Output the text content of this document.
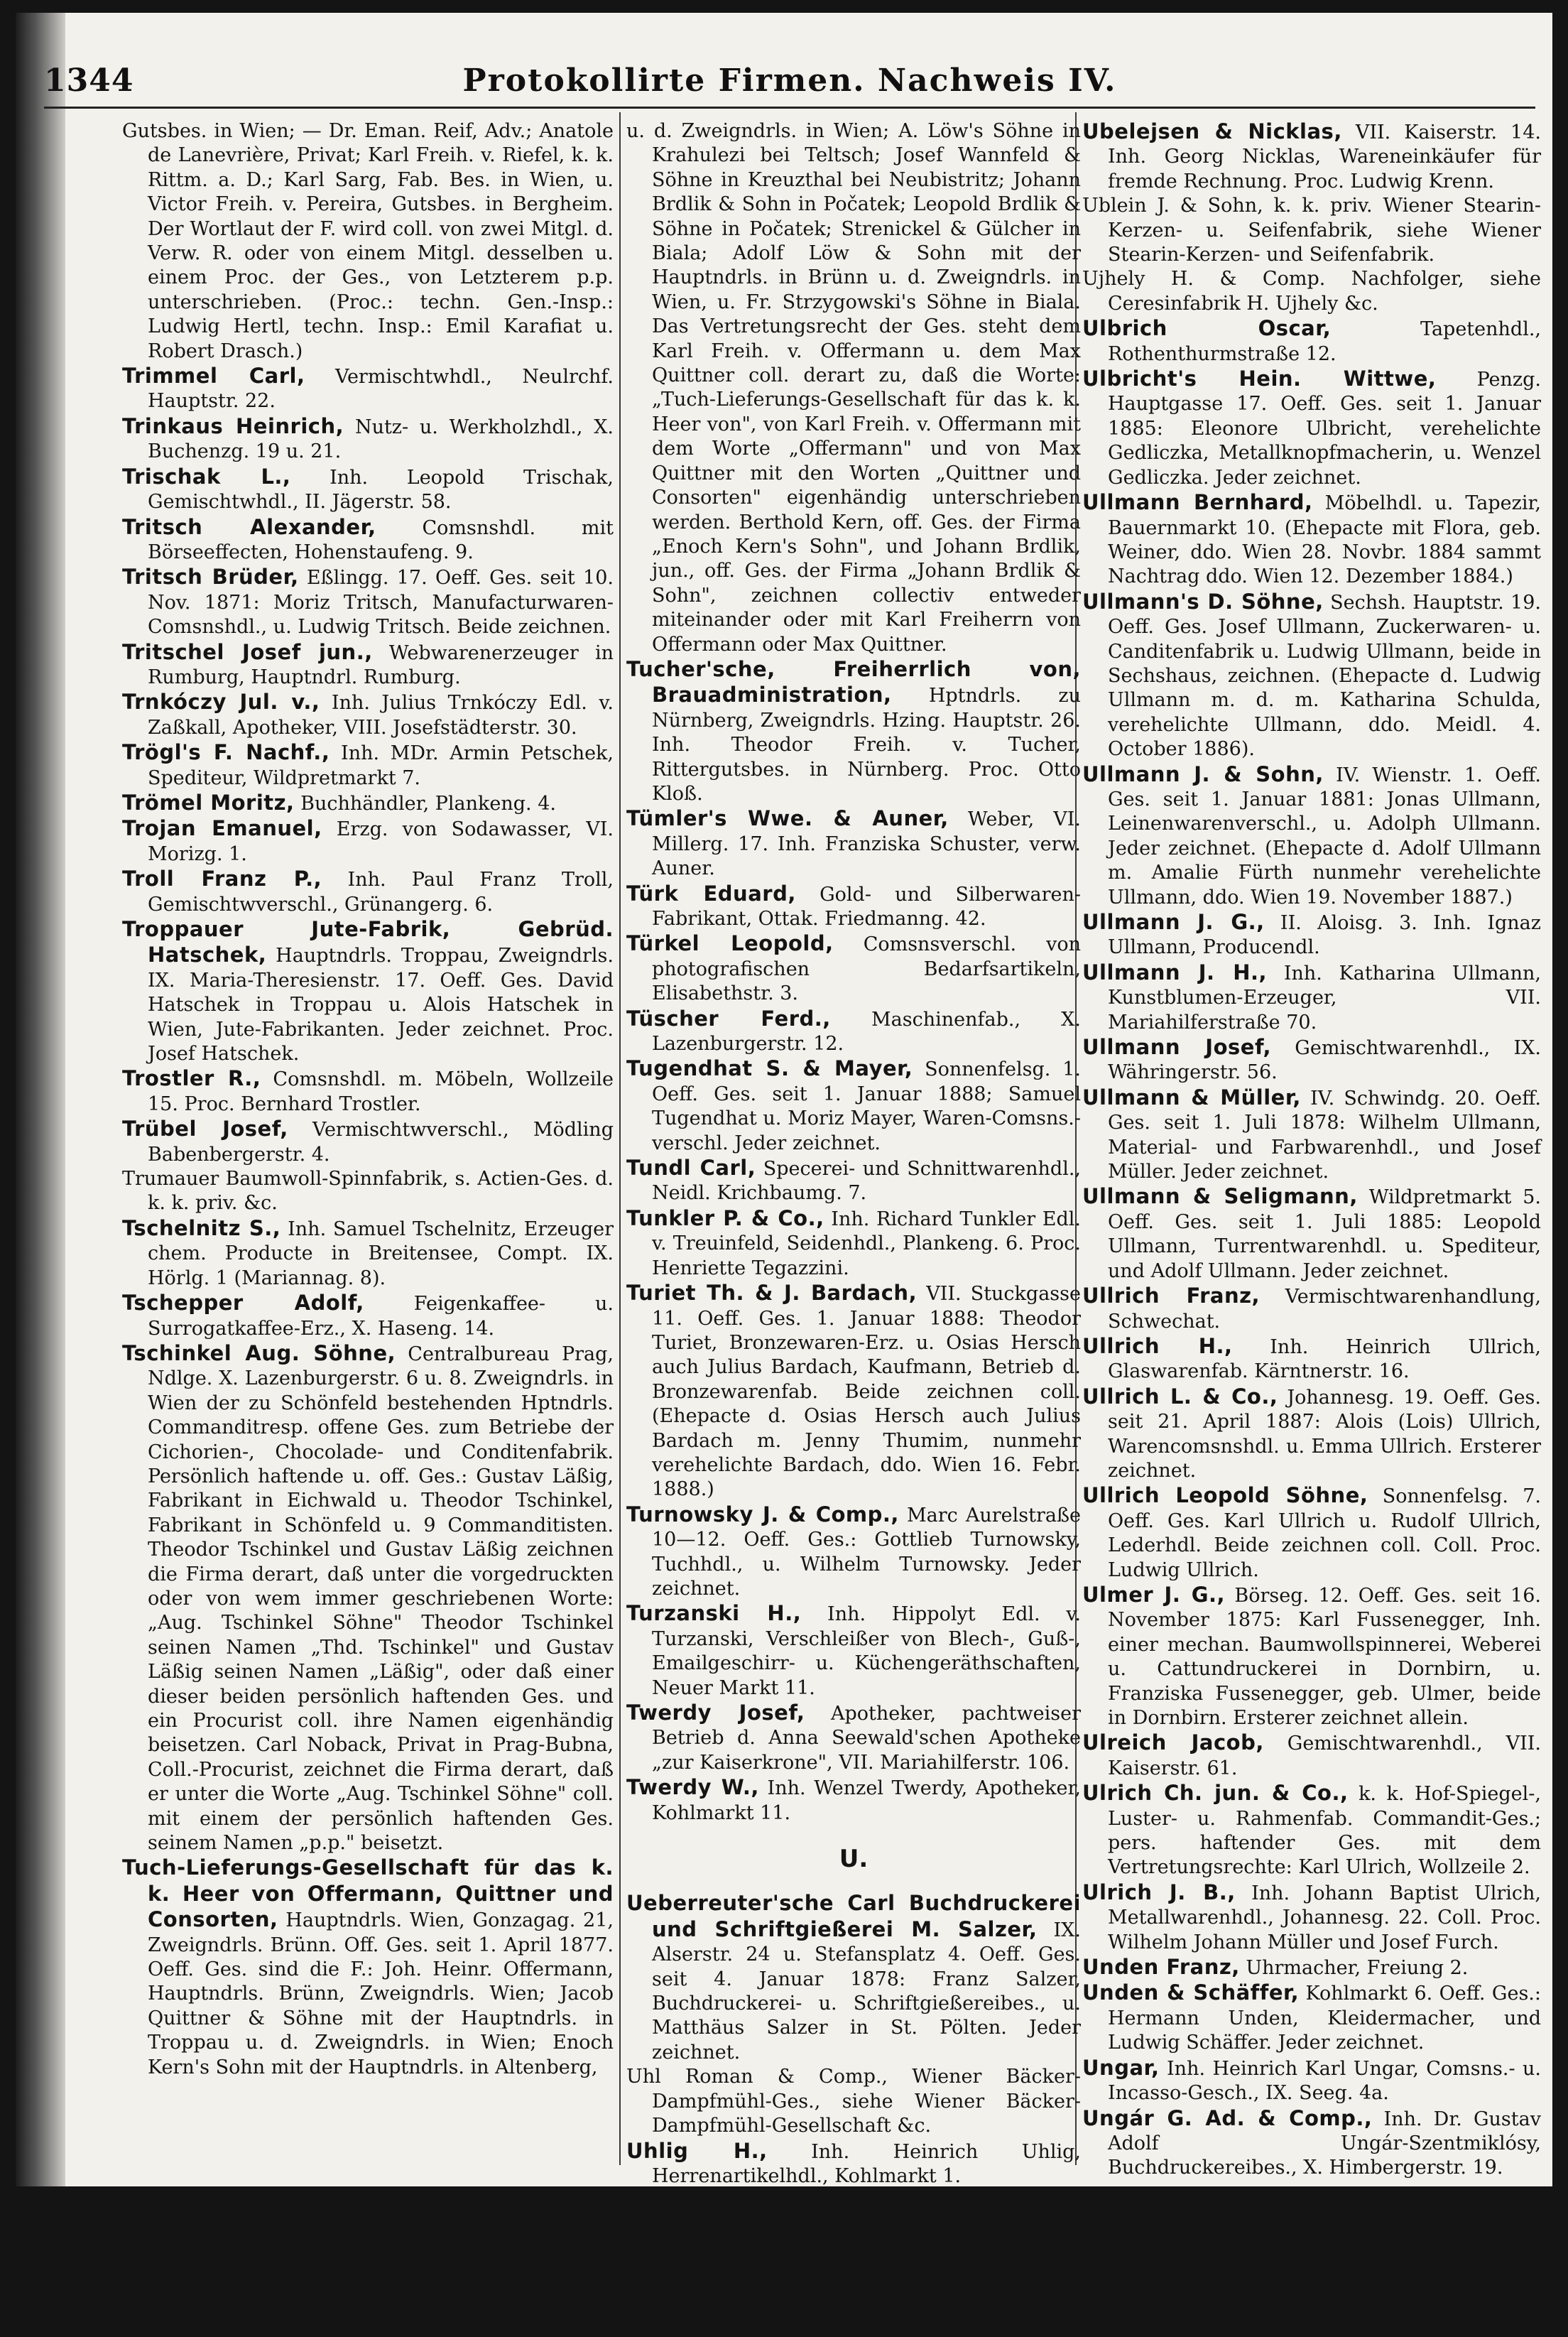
1344	Protokollirte Firmen. Nachweis IV.

Gutsbes. in Wien; — Dr. Eman. Reif, Adv.; Anatole de Lanevrière, Privat; Karl Freih. v. Riefel, k. k. Rittm. a. D.; Karl Sarg, Fab. Bes. in Wien, u. Victor Freih. v. Pereira, Gutsbes. in Bergheim. Der Wortlaut der F. wird coll. von zwei Mitgl. d. Verw. R. oder von einem Mitgl. desselben u. einem Proc. der Ges., von Letzterem p.p. unterschrieben. (Proc.: techn. Gen.-Insp.: Ludwig Hertl, techn. Insp.: Emil Karafiat u. Robert Drasch.)

Trimmel Carl, Vermischtwhdl., Neulrchf. Hauptstr. 22.

Trinkaus Heinrich, Nutz- u. Werkholzhdl., X. Buchenzg. 19 u. 21.

Trischak L., Inh. Leopold Trischak, Gemischtwhdl., II. Jägerstr. 58.

Tritsch Alexander, Comsnshdl. mit Börseeffecten, Hohenstaufeng. 9.

Tritsch Brüder, Eßlingg. 17. Oeff. Ges. seit 10. Nov. 1871: Moriz Tritsch, Manufacturwaren-Comsnshdl., u. Ludwig Tritsch. Beide zeichnen.

Tritschel Josef jun., Webwarenerzeuger in Rumburg, Hauptndrl. Rumburg.

Trnkóczy Jul. v., Inh. Julius Trnkóczy Edl. v. Zaßkall, Apotheker, VIII. Josefstädterstr. 30.

Trögl's F. Nachf., Inh. MDr. Armin Petschek, Spediteur, Wildpretmarkt 7.

Trömel Moritz, Buchhändler, Plankeng. 4.

Trojan Emanuel, Erzg. von Sodawasser, VI. Morizg. 1.

Troll Franz P., Inh. Paul Franz Troll, Gemischtwverschl., Grünangerg. 6.

Troppauer Jute-Fabrik, Gebrüd. Hatschek, Hauptndrls. Troppau, Zweigndrls. IX. Maria-Theresienstr. 17. Oeff. Ges. David Hatschek in Troppau u. Alois Hatschek in Wien, Jute-Fabrikanten. Jeder zeichnet. Proc. Josef Hatschek.

Trostler R., Comsnshdl. m. Möbeln, Wollzeile 15. Proc. Bernhard Trostler.

Trübel Josef, Vermischtwverschl., Mödling Babenbergerstr. 4.

Trumauer Baumwoll-Spinnfabrik, s. Actien-Ges. d. k. k. priv. &c.

Tschelnitz S., Inh. Samuel Tschelnitz, Erzeuger chem. Producte in Breitensee, Compt. IX. Hörlg. 1 (Mariannag. 8).

Tschepper Adolf,	Feigenkaffee- u. Surrogatkaffee-Erz., X. Haseng. 14.

Tschinkel Aug. Söhne, Centralbureau Prag, Ndlge. X. Lazenburgerstr. 6 u. 8. Zweigndrls. in Wien der zu Schönfeld bestehenden Hptndrls. Commanditresp. offene Ges. zum Betriebe der Cichorien-, Chocolade- und Conditenfabrik. Persönlich haftende u. off. Ges.: Gustav Läßig, Fabrikant in Eichwald u. Theodor Tschinkel, Fabrikant in Schönfeld u. 9 Commanditisten. Theodor Tschinkel und Gustav Läßig zeichnen die Firma derart, daß unter die vorgedruckten oder von wem immer geschriebenen Worte: „Aug. Tschinkel Söhne" Theodor Tschinkel seinen Namen „Thd. Tschinkel" und Gustav Läßig seinen Namen „Läßig", oder daß einer dieser beiden persönlich haftenden Ges. und ein Procurist coll. ihre Namen eigenhändig beisetzen. Carl Noback, Privat in Prag-Bubna, Coll.-Procurist, zeichnet die Firma derart, daß er unter die Worte „Aug. Tschinkel Söhne" coll. mit einem der persönlich haftenden Ges. seinem Namen „p.p." beisetzt.

Tuch-Lieferungs-Gesellschaft für das k. k. Heer von Offermann, Quittner und Consorten, Hauptndrls. Wien, Gonzagag. 21, Zweigndrls. Brünn. Off. Ges. seit 1. April 1877. Oeff. Ges. sind die F.: Joh. Heinr. Offermann, Hauptndrls. Brünn, Zweigndrls. Wien; Jacob Quittner & Söhne mit der Hauptndrls. in Troppau u. d. Zweigndrls. in Wien; Enoch Kern's Sohn mit der Hauptndrls. in Altenberg,

u. d. Zweigndrls. in Wien; A. Löw's Söhne in Krahulezi bei Teltsch; Josef Wannfeld & Söhne in Kreuzthal bei Neubistritz; Johann Brdlik & Sohn in Počatek; Leopold Brdlik & Söhne in Počatek; Strenickel & Gülcher in Biala; Adolf Löw & Sohn mit der Hauptndrls. in Brünn u. d. Zweigndrls. in Wien, u. Fr. Strzygowski's Söhne in Biala. Das Vertretungsrecht der Ges. steht dem Karl Freih. v. Offermann u. dem Max Quittner coll. derart zu, daß die Worte: „Tuch-Lieferungs-Gesellschaft für das k. k. Heer von", von Karl Freih. v. Offermann mit dem Worte „Offermann" und von Max Quittner mit den Worten „Quittner und Consorten" eigenhändig unterschrieben werden. Berthold Kern, off. Ges. der Firma „Enoch Kern's Sohn", und Johann Brdlik, jun., off. Ges. der Firma „Johann Brdlik & Sohn", zeichnen collectiv entweder miteinander oder mit Karl Freiherrn von Offermann oder Max Quittner.

Tucher'sche, Freiherrlich von, Brauadministration, Hptndrls. zu Nürnberg, Zweigndrls. Hzing. Hauptstr. 26. Inh. Theodor Freih. v. Tucher, Rittergutsbes. in Nürnberg. Proc. Otto Kloß.

Tümler's Wwe. & Auner, Weber, VI. Millerg. 17. Inh. Franziska Schuster, verw. Auner.

Türk Eduard, Gold- und Silberwaren-Fabrikant, Ottak. Friedmanng. 42.

Türkel Leopold, Comsnsverschl. von photografischen Bedarfsartikeln, Elisabethstr. 3.

Tüscher Ferd., Maschinenfab., X. Lazenburgerstr. 12.

Tugendhat S. & Mayer, Sonnenfelsg. 1. Oeff. Ges. seit 1. Januar 1888; Samuel Tugendhat u. Moriz Mayer, Waren-Comsns.-verschl. Jeder zeichnet.

Tundl Carl, Specerei- und Schnittwarenhdl., Neidl. Krichbaumg. 7.

Tunkler P. & Co., Inh. Richard Tunkler Edl. v. Treuinfeld, Seidenhdl., Plankeng. 6. Proc. Henriette Tegazzini.

Turiet Th. & J. Bardach, VII. Stuckgasse 11. Oeff. Ges. 1. Januar 1888: Theodor Turiet, Bronzewaren-Erz. u. Osias Hersch auch Julius Bardach, Kaufmann, Betrieb d. Bronzewarenfab. Beide zeichnen coll. (Ehepacte d. Osias Hersch auch Julius Bardach m. Jenny Thumim, nunmehr verehelichte Bardach, ddo. Wien 16. Febr. 1888.)

Turnowsky J. & Comp., Marc Aurelstraße 10—12. Oeff. Ges.: Gottlieb Turnowsky, Tuchhdl., u. Wilhelm Turnowsky. Jeder zeichnet.

Turzanski H., Inh. Hippolyt Edl. v. Turzanski, Verschleißer von Blech-, Guß-, Emailgeschirr- u. Küchengeräthschaften, Neuer Markt 11.

Twerdy Josef, Apotheker, pachtweiser Betrieb d. Anna Seewald'schen Apotheke „zur Kaiserkrone", VII. Mariahilferstr. 106.

Twerdy W., Inh. Wenzel Twerdy, Apotheker, Kohlmarkt 11.

U.

Ueberreuter'sche Carl Buchdruckerei und Schriftgießerei M. Salzer, IX. Alserstr. 24 u. Stefansplatz 4. Oeff. Ges. seit 4. Januar 1878: Franz Salzer, Buchdruckerei- u. Schriftgießereibes., u. Matthäus Salzer in St. Pölten. Jeder zeichnet.

Uhl Roman & Comp., Wiener Bäcker-Dampfmühl-Ges., siehe Wiener Bäcker-Dampfmühl-Gesellschaft &c.

Uhlig H., Inh. Heinrich Uhlig, Herrenartikelhdl., Kohlmarkt 1.

Uhrenfabrik Edmund Bondy, Inh. Edmund Bondy, Erz. v. Uhren, Uhrenbestandtheilen, sowie eine mechanische Werkstätte, Penzing Hauptg. 35. Compt. und Musterlager Stadiong. 5. Proc. Otto Bondy.

Ubelejsen & Nicklas, VII. Kaiserstr. 14. Inh. Georg Nicklas, Wareneinkäufer für fremde Rechnung. Proc. Ludwig Krenn.

Ublein J. & Sohn, k. k. priv. Wiener Stearin-Kerzen- u. Seifenfabrik, siehe Wiener Stearin-Kerzen- und Seifenfabrik.

Ujhely H. & Comp. Nachfolger, siehe Ceresinfabrik H. Ujhely &c.

Ulbrich Oscar,	Tapetenhdl., Rothenthurmstraße 12.

Ulbricht's Hein. Wittwe, Penzg. Hauptgasse 17. Oeff. Ges. seit 1. Januar 1885: Eleonore Ulbricht, verehelichte Gedliczka, Metallknopfmacherin, u. Wenzel Gedliczka. Jeder zeichnet.

Ullmann Bernhard, Möbelhdl. u. Tapezir, Bauernmarkt 10. (Ehepacte mit Flora, geb. Weiner, ddo. Wien 28. Novbr. 1884 sammt Nachtrag ddo. Wien 12. Dezember 1884.)

Ullmann's D. Söhne, Sechsh. Hauptstr. 19. Oeff. Ges. Josef Ullmann, Zuckerwaren- u. Canditenfabrik u. Ludwig Ullmann, beide in Sechshaus, zeichnen. (Ehepacte d. Ludwig Ullmann m. d. m. Katharina Schulda, verehelichte Ullmann, ddo. Meidl. 4. October 1886).

Ullmann J. & Sohn, IV. Wienstr. 1. Oeff. Ges. seit 1. Januar 1881: Jonas Ullmann, Leinenwarenverschl., u. Adolph Ullmann. Jeder zeichnet. (Ehepacte d. Adolf Ullmann m. Amalie Fürth nunmehr verehelichte Ullmann, ddo. Wien 19. November 1887.)

Ullmann J. G., II. Aloisg. 3. Inh. Ignaz Ullmann, Producendl.

Ullmann J. H., Inh. Katharina Ullmann, Kunstblumen-Erzeuger, VII. Mariahilferstraße 70.

Ullmann Josef, Gemischtwarenhdl., IX. Währingerstr. 56.

Ullmann & Müller, IV. Schwindg. 20. Oeff. Ges. seit 1. Juli 1878: Wilhelm Ullmann, Material- und Farbwarenhdl., und Josef Müller. Jeder zeichnet.

Ullmann & Seligmann, Wildpretmarkt 5. Oeff. Ges. seit 1. Juli 1885: Leopold Ullmann, Turrentwarenhdl. u. Spediteur, und Adolf Ullmann. Jeder zeichnet.

Ullrich Franz, Vermischtwarenhandlung, Schwechat.

Ullrich H., Inh. Heinrich Ullrich, Glaswarenfab. Kärntnerstr. 16.

Ullrich L. & Co., Johannesg. 19. Oeff. Ges. seit 21. April 1887: Alois (Lois) Ullrich, Warencomsnshdl. u. Emma Ullrich. Ersterer zeichnet.

Ullrich Leopold Söhne, Sonnenfelsg. 7. Oeff. Ges. Karl Ullrich u. Rudolf Ullrich, Lederhdl. Beide zeichnen coll. Coll. Proc. Ludwig Ullrich.

Ulmer J. G., Börseg. 12. Oeff. Ges. seit 16. November 1875: Karl Fussenegger, Inh. einer mechan. Baumwollspinnerei, Weberei u. Cattundruckerei in Dornbirn, u. Franziska Fussenegger, geb. Ulmer, beide in Dornbirn. Ersterer zeichnet allein.

Ulreich Jacob, Gemischtwarenhdl., VII. Kaiserstr. 61.

Ulrich Ch. jun. & Co., k. k. Hof-Spiegel-, Luster- u. Rahmenfab. Commandit-Ges.; pers. haftender Ges. mit dem Vertretungsrechte: Karl Ulrich, Wollzeile 2.

Ulrich J. B., Inh. Johann Baptist Ulrich, Metallwarenhdl., Johannesg. 22. Coll. Proc. Wilhelm Johann Müller und Josef Furch.

Unden Franz, Uhrmacher, Freiung 2.

Unden & Schäffer, Kohlmarkt 6. Oeff. Ges.: Hermann Unden, Kleidermacher, und Ludwig Schäffer. Jeder zeichnet.

Ungar, Inh. Heinrich Karl Ungar, Comsns.- u. Incasso-Gesch., IX. Seeg. 4a.

Ungár G. Ad. & Comp., Inh. Dr. Gustav Adolf Ungár-Szentmiklósy, Buchdruckereibes., X. Himbergerstr. 19.
